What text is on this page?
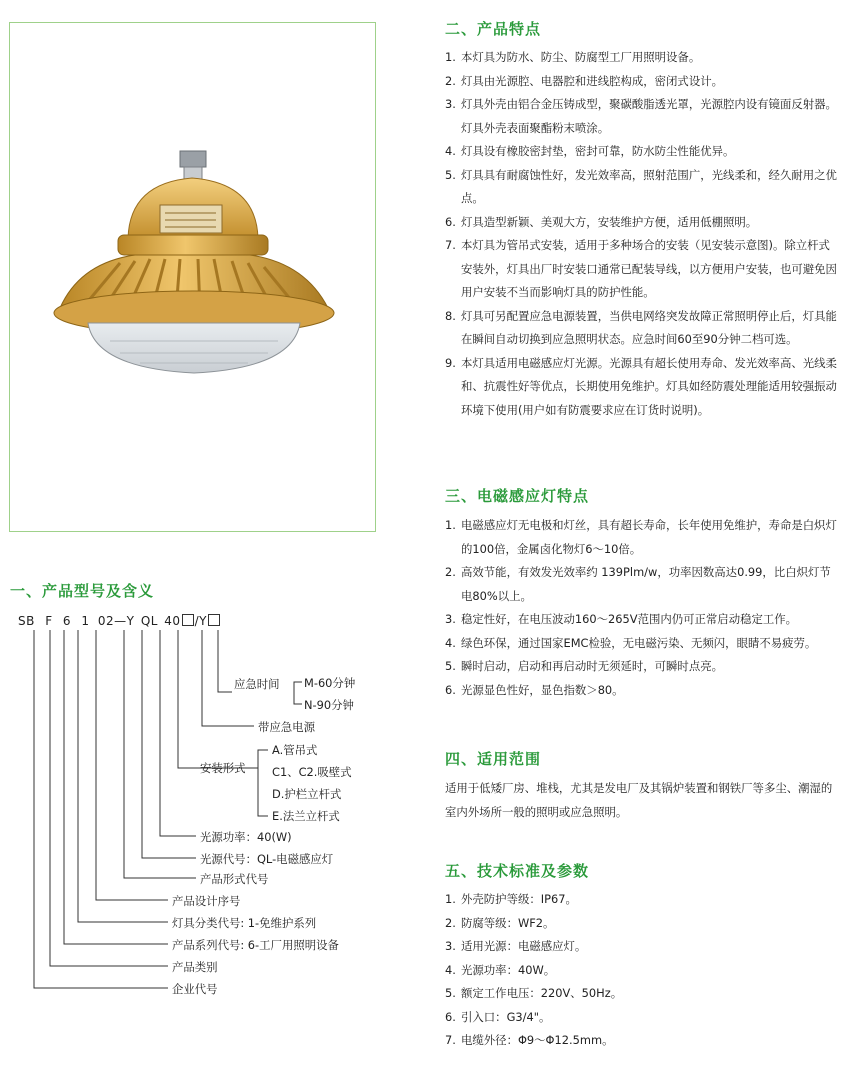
一、产品型号及含义
SB F 6 1 02—Y QL 40 /Y
应急时间 M-60分钟
N-90分钟
带应急电源
安装形式
A.管吊式
C1、C2.吸壁式
D.护栏立杆式
E.法兰立杆式
光源功率：40(W)
光源代号：QL-电磁感应灯
产品形式代号
产品设计序号
灯具分类代号: 1-免维护系列
产品系列代号: 6-工厂用照明设备
产品类别
企业代号
二、产品特点
1. 本灯具为防水、防尘、防腐型工厂用照明设备。
2. 灯具由光源腔、电器腔和进线腔构成，密闭式设计。
3. 灯具外壳由铝合金压铸成型，聚碳酸脂透光罩，光源腔内设有镜面反射器。灯具外壳表面聚酯粉末喷涂。
4. 灯具设有橡胶密封垫，密封可靠，防水防尘性能优异。
5. 灯具具有耐腐蚀性好，发光效率高，照射范围广，光线柔和，经久耐用之优点。
6. 灯具造型新颖、美观大方，安装维护方便，适用低棚照明。
7. 本灯具为管吊式安装，适用于多种场合的安装（见安装示意图)。除立杆式安装外，灯具出厂时安装口通常已配装导线，以方便用户安装，也可避免因用户安装不当而影响灯具的防护性能。
8. 灯具可另配置应急电源装置，当供电网络突发故障正常照明停止后，灯具能在瞬间自动切换到应急照明状态。应急时间60至90分钟二档可选。
9. 本灯具适用电磁感应灯光源。光源具有超长使用寿命、发光效率高、光线柔和、抗震性好等优点，长期使用免维护。灯具如经防震处理能适用较强振动环境下使用(用户如有防震要求应在订货时说明)。
三、电磁感应灯特点
1. 电磁感应灯无电极和灯丝，具有超长寿命，长年使用免维护，寿命是白炽灯的100倍，金属卤化物灯6～10倍。
2. 高效节能，有效发光效率约 139Plm/w，功率因数高达0.99，比白炽灯节电80%以上。
3. 稳定性好，在电压波动160～265V范围内仍可正常启动稳定工作。
4. 绿色环保，通过国家EMC检验，无电磁污染、无频闪，眼睛不易疲劳。
5. 瞬时启动，启动和再启动时无须延时，可瞬时点亮。
6. 光源显色性好，显色指数＞80。
四、适用范围

适用于低矮厂房、堆栈，尤其是发电厂及其锅炉装置和钢铁厂等多尘、潮湿的室内外场所一般的照明或应急照明。

五、技术标准及参数
1. 外壳防护等级：IP67。
2. 防腐等级：WF2。
3. 适用光源：电磁感应灯。
4. 光源功率：40W。
5. 额定工作电压：220V、50Hz。
6. 引入口：G3/4"。
7. 电缆外径：Φ9～Φ12.5mm。
